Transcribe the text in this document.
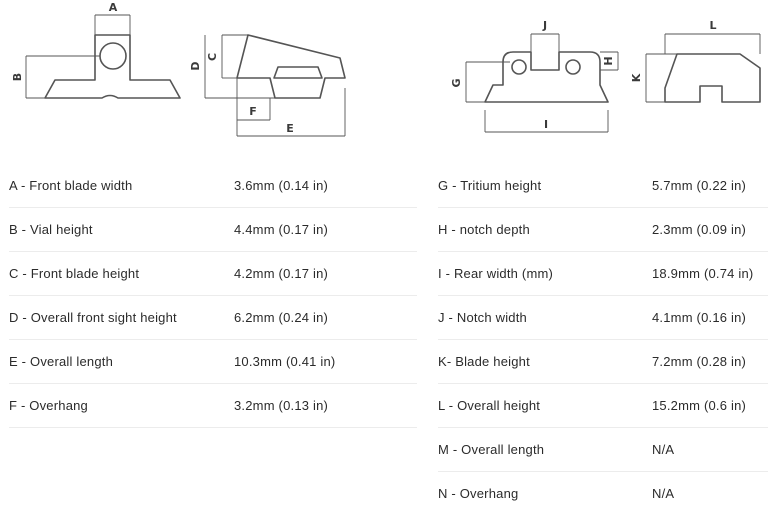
A
B
C
D
F
E
J
H
G
I
L
K
A - Front blade width	3.6mm (0.14 in)
B - Vial height	4.4mm (0.17 in)
C - Front blade height	4.2mm (0.17 in)
D - Overall front sight height	6.2mm (0.24 in)
E - Overall length	10.3mm (0.41 in)
F - Overhang	3.2mm (0.13 in)
G - Tritium height	5.7mm (0.22 in)
H - notch depth	2.3mm (0.09 in)
I - Rear width (mm)	18.9mm (0.74 in)
J - Notch width	4.1mm (0.16 in)
K- Blade height	7.2mm (0.28 in)
L - Overall height	15.2mm (0.6 in)
M - Overall length	N/A
N - Overhang	N/A
